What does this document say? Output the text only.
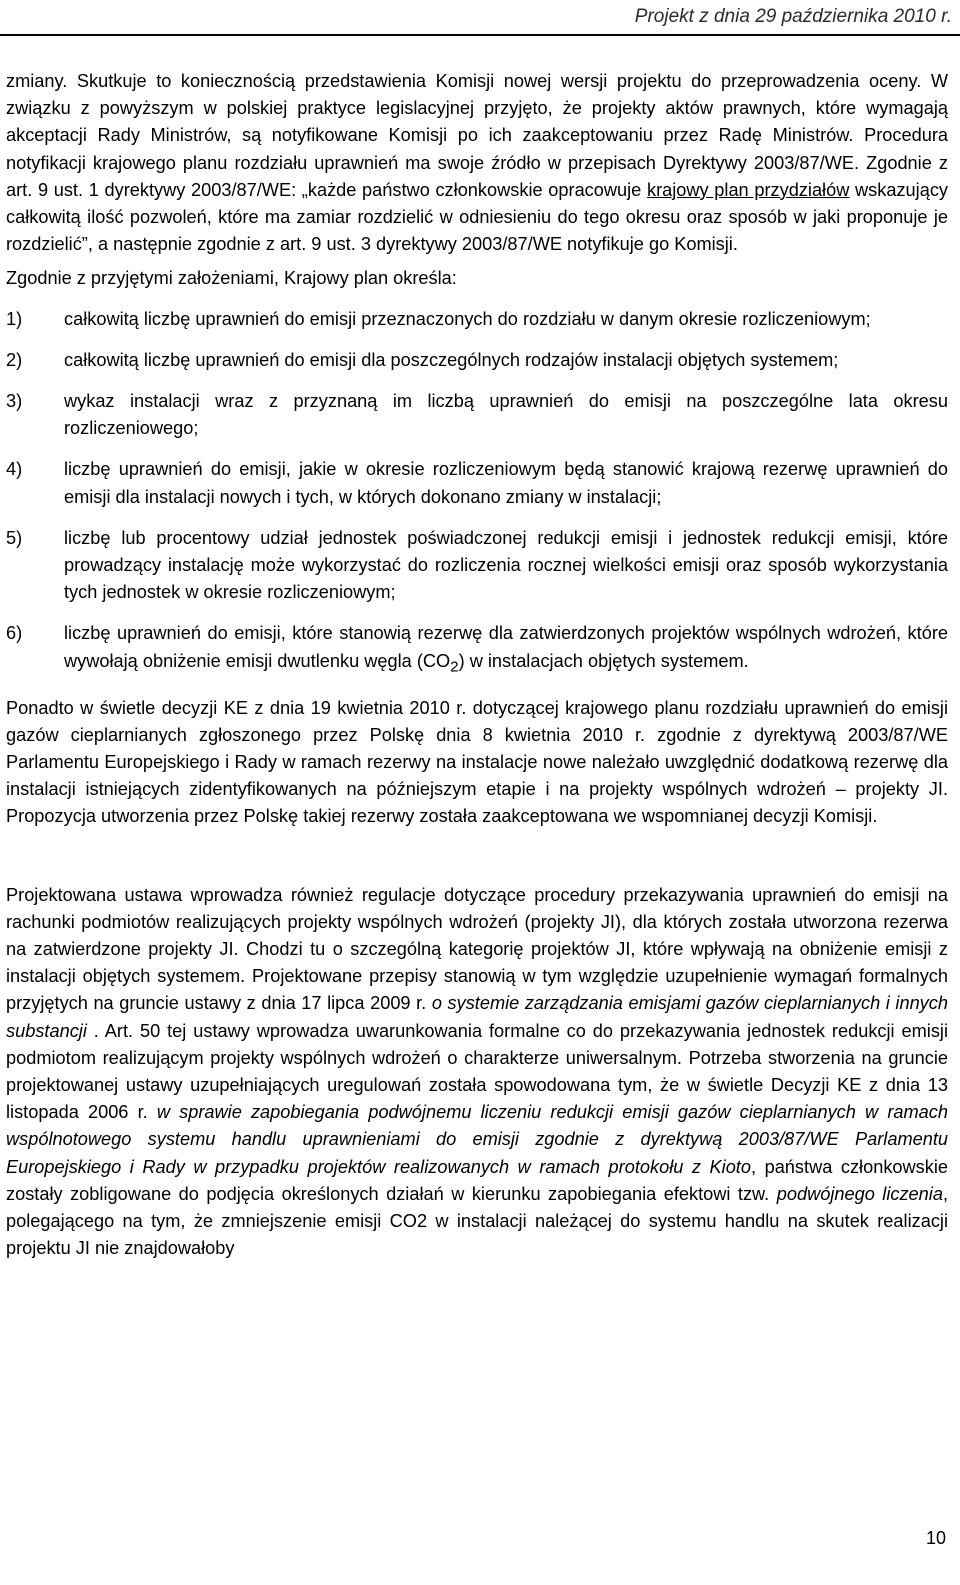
Projekt z dnia 29 października 2010 r.

zmiany. Skutkuje to koniecznością przedstawienia Komisji nowej wersji projektu do przeprowadzenia oceny. W związku z powyższym w polskiej praktyce legislacyjnej przyjęto, że projekty aktów prawnych, które wymagają akceptacji Rady Ministrów, są notyfikowane Komisji po ich zaakceptowaniu przez Radę Ministrów. Procedura notyfikacji krajowego planu rozdziału uprawnień ma swoje źródło w przepisach Dyrektywy 2003/87/WE. Zgodnie z art. 9 ust. 1 dyrektywy 2003/87/WE: „każde państwo członkowskie opracowuje krajowy plan przydziałów wskazujący całkowitą ilość pozwoleń, które ma zamiar rozdzielić w odniesieniu do tego okresu oraz sposób w jaki proponuje je rozdzielić”, a następnie zgodnie z art. 9 ust. 3 dyrektywy 2003/87/WE notyfikuje go Komisji.

Zgodnie z przyjętymi założeniami, Krajowy plan określa:

1)	całkowitą liczbę uprawnień do emisji przeznaczonych do rozdziału w danym okresie rozliczeniowym;
2)	całkowitą liczbę uprawnień do emisji dla poszczególnych rodzajów instalacji objętych systemem;
3)	wykaz instalacji wraz z przyznaną im liczbą uprawnień do emisji na poszczególne lata okresu rozliczeniowego;
4)	liczbę uprawnień do emisji, jakie w okresie rozliczeniowym będą stanowić krajową rezerwę uprawnień do emisji dla instalacji nowych i tych, w których dokonano zmiany w instalacji;
5)	liczbę lub procentowy udział jednostek poświadczonej redukcji emisji i jednostek redukcji emisji, które prowadzący instalację może wykorzystać do rozliczenia rocznej wielkości emisji oraz sposób wykorzystania tych jednostek w okresie rozliczeniowym;
6)	liczbę uprawnień do emisji, które stanowią rezerwę dla zatwierdzonych projektów wspólnych wdrożeń, które wywołają obniżenie emisji dwutlenku węgla $(CO_2)$ w instalacjach objętych systemem.

Ponadto w świetle decyzji KE z dnia 19 kwietnia 2010 r. dotyczącej krajowego planu rozdziału uprawnień do emisji gazów cieplarnianych zgłoszonego przez Polskę dnia 8 kwietnia 2010 r. zgodnie z dyrektywą 2003/87/WE Parlamentu Europejskiego i Rady w ramach rezerwy na instalacje nowe należało uwzględnić dodatkową rezerwę dla instalacji istniejących zidentyfikowanych na późniejszym etapie i na projekty wspólnych wdrożeń – projekty JI. Propozycja utworzenia przez Polskę takiej rezerwy została zaakceptowana we wspomnianej decyzji Komisji.

Projektowana ustawa wprowadza również regulacje dotyczące procedury przekazywania uprawnień do emisji na rachunki podmiotów realizujących projekty wspólnych wdrożeń (projekty JI), dla których została utworzona rezerwa na zatwierdzone projekty JI. Chodzi tu o szczególną kategorię projektów JI, które wpływają na obniżenie emisji z instalacji objętych systemem. Projektowane przepisy stanowią w tym względzie uzupełnienie wymagań formalnych przyjętych na gruncie ustawy z dnia 17 lipca 2009 r. o systemie zarządzania emisjami gazów cieplarnianych i innych substancji . Art. 50 tej ustawy wprowadza uwarunkowania formalne co do przekazywania jednostek redukcji emisji podmiotom realizującym projekty wspólnych wdrożeń o charakterze uniwersalnym. Potrzeba stworzenia na gruncie projektowanej ustawy uzupełniających uregulowań została spowodowana tym, że w świetle Decyzji KE z dnia 13 listopada 2006 r. w sprawie zapobiegania podwójnemu liczeniu redukcji emisji gazów cieplarnianych w ramach wspólnotowego systemu handlu uprawnieniami do emisji zgodnie z dyrektywą 2003/87/WE Parlamentu Europejskiego i Rady w przypadku projektów realizowanych w ramach protokołu z Kioto, państwa członkowskie zostały zobligowane do podjęcia określonych działań w kierunku zapobiegania efektowi tzw. podwójnego liczenia, polegającego na tym, że zmniejszenie emisji CO2 w instalacji należącej do systemu handlu na skutek realizacji projektu JI nie znajdowałoby

10
